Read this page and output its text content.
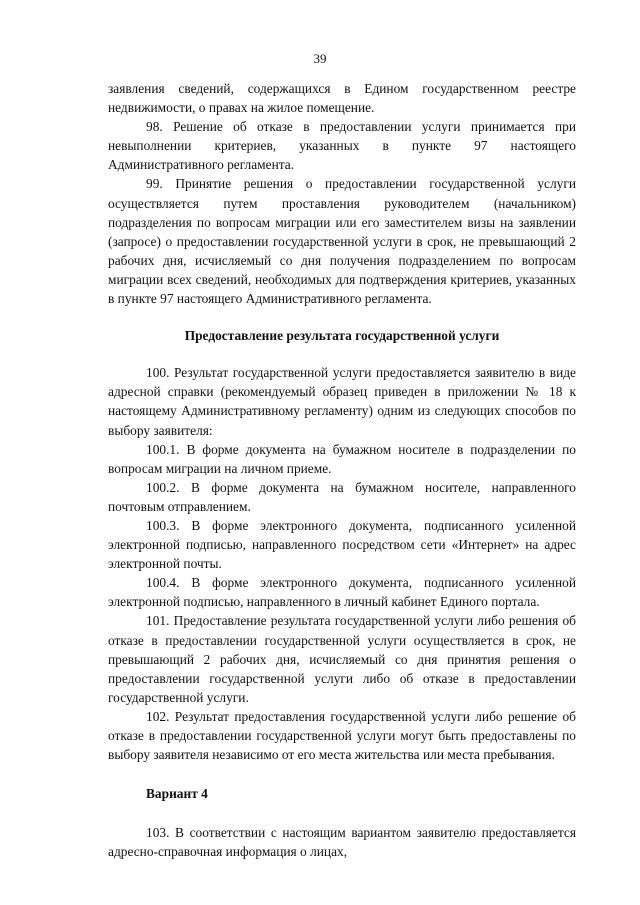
39

заявления сведений, содержащихся в Едином государственном реестре недвижимости, о правах на жилое помещение.

98. Решение об отказе в предоставлении услуги принимается при невыполнении критериев, указанных в пункте 97 настоящего Административного регламента.

99. Принятие решения о предоставлении государственной услуги осуществляется путем проставления руководителем (начальником) подразделения по вопросам миграции или его заместителем визы на заявлении (запросе) о предоставлении государственной услуги в срок, не превышающий 2 рабочих дня, исчисляемый со дня получения подразделением по вопросам миграции всех сведений, необходимых для подтверждения критериев, указанных в пункте 97 настоящего Административного регламента.

Предоставление результата государственной услуги

100. Результат государственной услуги предоставляется заявителю в виде адресной справки (рекомендуемый образец приведен в приложении № 18 к настоящему Административному регламенту) одним из следующих способов по выбору заявителя:

100.1. В форме документа на бумажном носителе в подразделении по вопросам миграции на личном приеме.

100.2. В форме документа на бумажном носителе, направленного почтовым отправлением.

100.3. В форме электронного документа, подписанного усиленной электронной подписью, направленного посредством сети «Интернет» на адрес электронной почты.

100.4. В форме электронного документа, подписанного усиленной электронной подписью, направленного в личный кабинет Единого портала.

101. Предоставление результата государственной услуги либо решения об отказе в предоставлении государственной услуги осуществляется в срок, не превышающий 2 рабочих дня, исчисляемый со дня принятия решения о предоставлении государственной услуги либо об отказе в предоставлении государственной услуги.

102. Результат предоставления государственной услуги либо решение об отказе в предоставлении государственной услуги могут быть предоставлены по выбору заявителя независимо от его места жительства или места пребывания.

Вариант 4

103. В соответствии с настоящим вариантом заявителю предоставляется адресно-справочная информация о лицах,
